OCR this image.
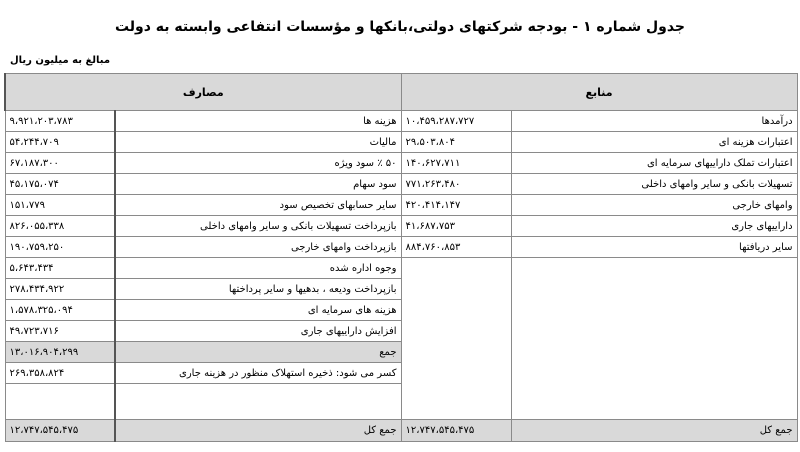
جدول شماره ۱ - بودجه شرکتهای دولتی،بانکها و مؤسسات انتفاعی وابسته به دولت
مبالغ به میلیون ریال
مصارف		منابع	
۹،۹۲۱،۲۰۳،۷۸۳	هزینه ها	۱۰،۴۵۹،۲۸۷،۷۲۷	درآمدها
۵۴،۲۴۴،۷۰۹	مالیات	۲۹،۵۰۳،۸۰۴	اعتبارات هزینه ای
۶۷،۱۸۷،۳۰۰	۵۰ ٪ سود ویژه	۱۴۰،۶۲۷،۷۱۱	اعتبارات تملک داراییهای سرمایه ای
۴۵،۱۷۵،۰۷۴	سود سهام	۷۷۱،۲۶۳،۴۸۰	تسهیلات بانکی و سایر وامهای داخلی
۱۵۱،۷۷۹	سایر حسابهای تخصیص سود	۴۲۰،۴۱۴،۱۴۷	وامهای خارجی
۸۲۶،۰۵۵،۳۳۸	بازپرداخت تسهیلات بانکی و سایر وامهای داخلی	۴۱،۶۸۷،۷۵۳	داراییهای جاری
۱۹۰،۷۵۹،۲۵۰	بازپرداخت وامهای خارجی	۸۸۴،۷۶۰،۸۵۳	سایر دریافتها
۵،۶۴۳،۴۳۴	وجوه اداره شده		
۲۷۸،۴۳۴،۹۲۲	بازپرداخت ودیعه ، بدهیها و سایر پرداختها		
۱،۵۷۸،۳۲۵،۰۹۴	هزینه های سرمایه ای		
۴۹،۷۲۳،۷۱۶	افزایش داراییهای جاری		
۱۳،۰۱۶،۹۰۴،۲۹۹	جمع		
۲۶۹،۳۵۸،۸۲۴	کسر می شود: ذخیره استهلاک منظور در هزینه جاری		

۱۲،۷۴۷،۵۴۵،۴۷۵	جمع کل	۱۲،۷۴۷،۵۴۵،۴۷۵	جمع کل
